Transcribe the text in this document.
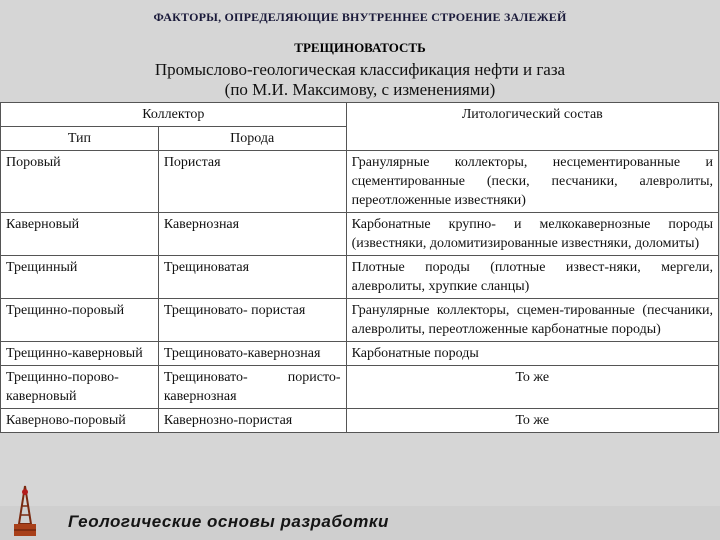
ФАКТОРЫ, ОПРЕДЕЛЯЮЩИЕ ВНУТРЕННЕЕ СТРОЕНИЕ ЗАЛЕЖЕЙ
ТРЕЩИНОВАТОСТЬ
Промыслово-геологическая классификация нефти и газа
(по М.И. Максимову, с изменениями)
Коллектор		Литологический состав
Тип	Порода	
Поровый	Пористая	Гранулярные коллекторы, несцементированные и сцементированные (пески, песчаники, алевролиты, переотложенные известняки)
Каверновый	Кавернозная	Карбонатные крупно- и мелкокавернозные породы (известняки, доломитизированные известняки, доломиты)
Трещинный	Трещиноватая	Плотные породы (плотные извест-няки, мергели, алевролиты, хрупкие сланцы)
Трещинно-поровый	Трещиновато- пористая	Гранулярные коллекторы, сцемен-тированные (песчаники, алевролиты, переотложенные карбонатные породы)
Трещинно-каверновый	Трещиновато-кавернозная	Карбонатные породы
Трещинно-порово-каверновый	Трещиновато- пористо-кавернозная	То же
Каверново-поровый	Кавернозно-пористая	То же
Геологические основы разработки
